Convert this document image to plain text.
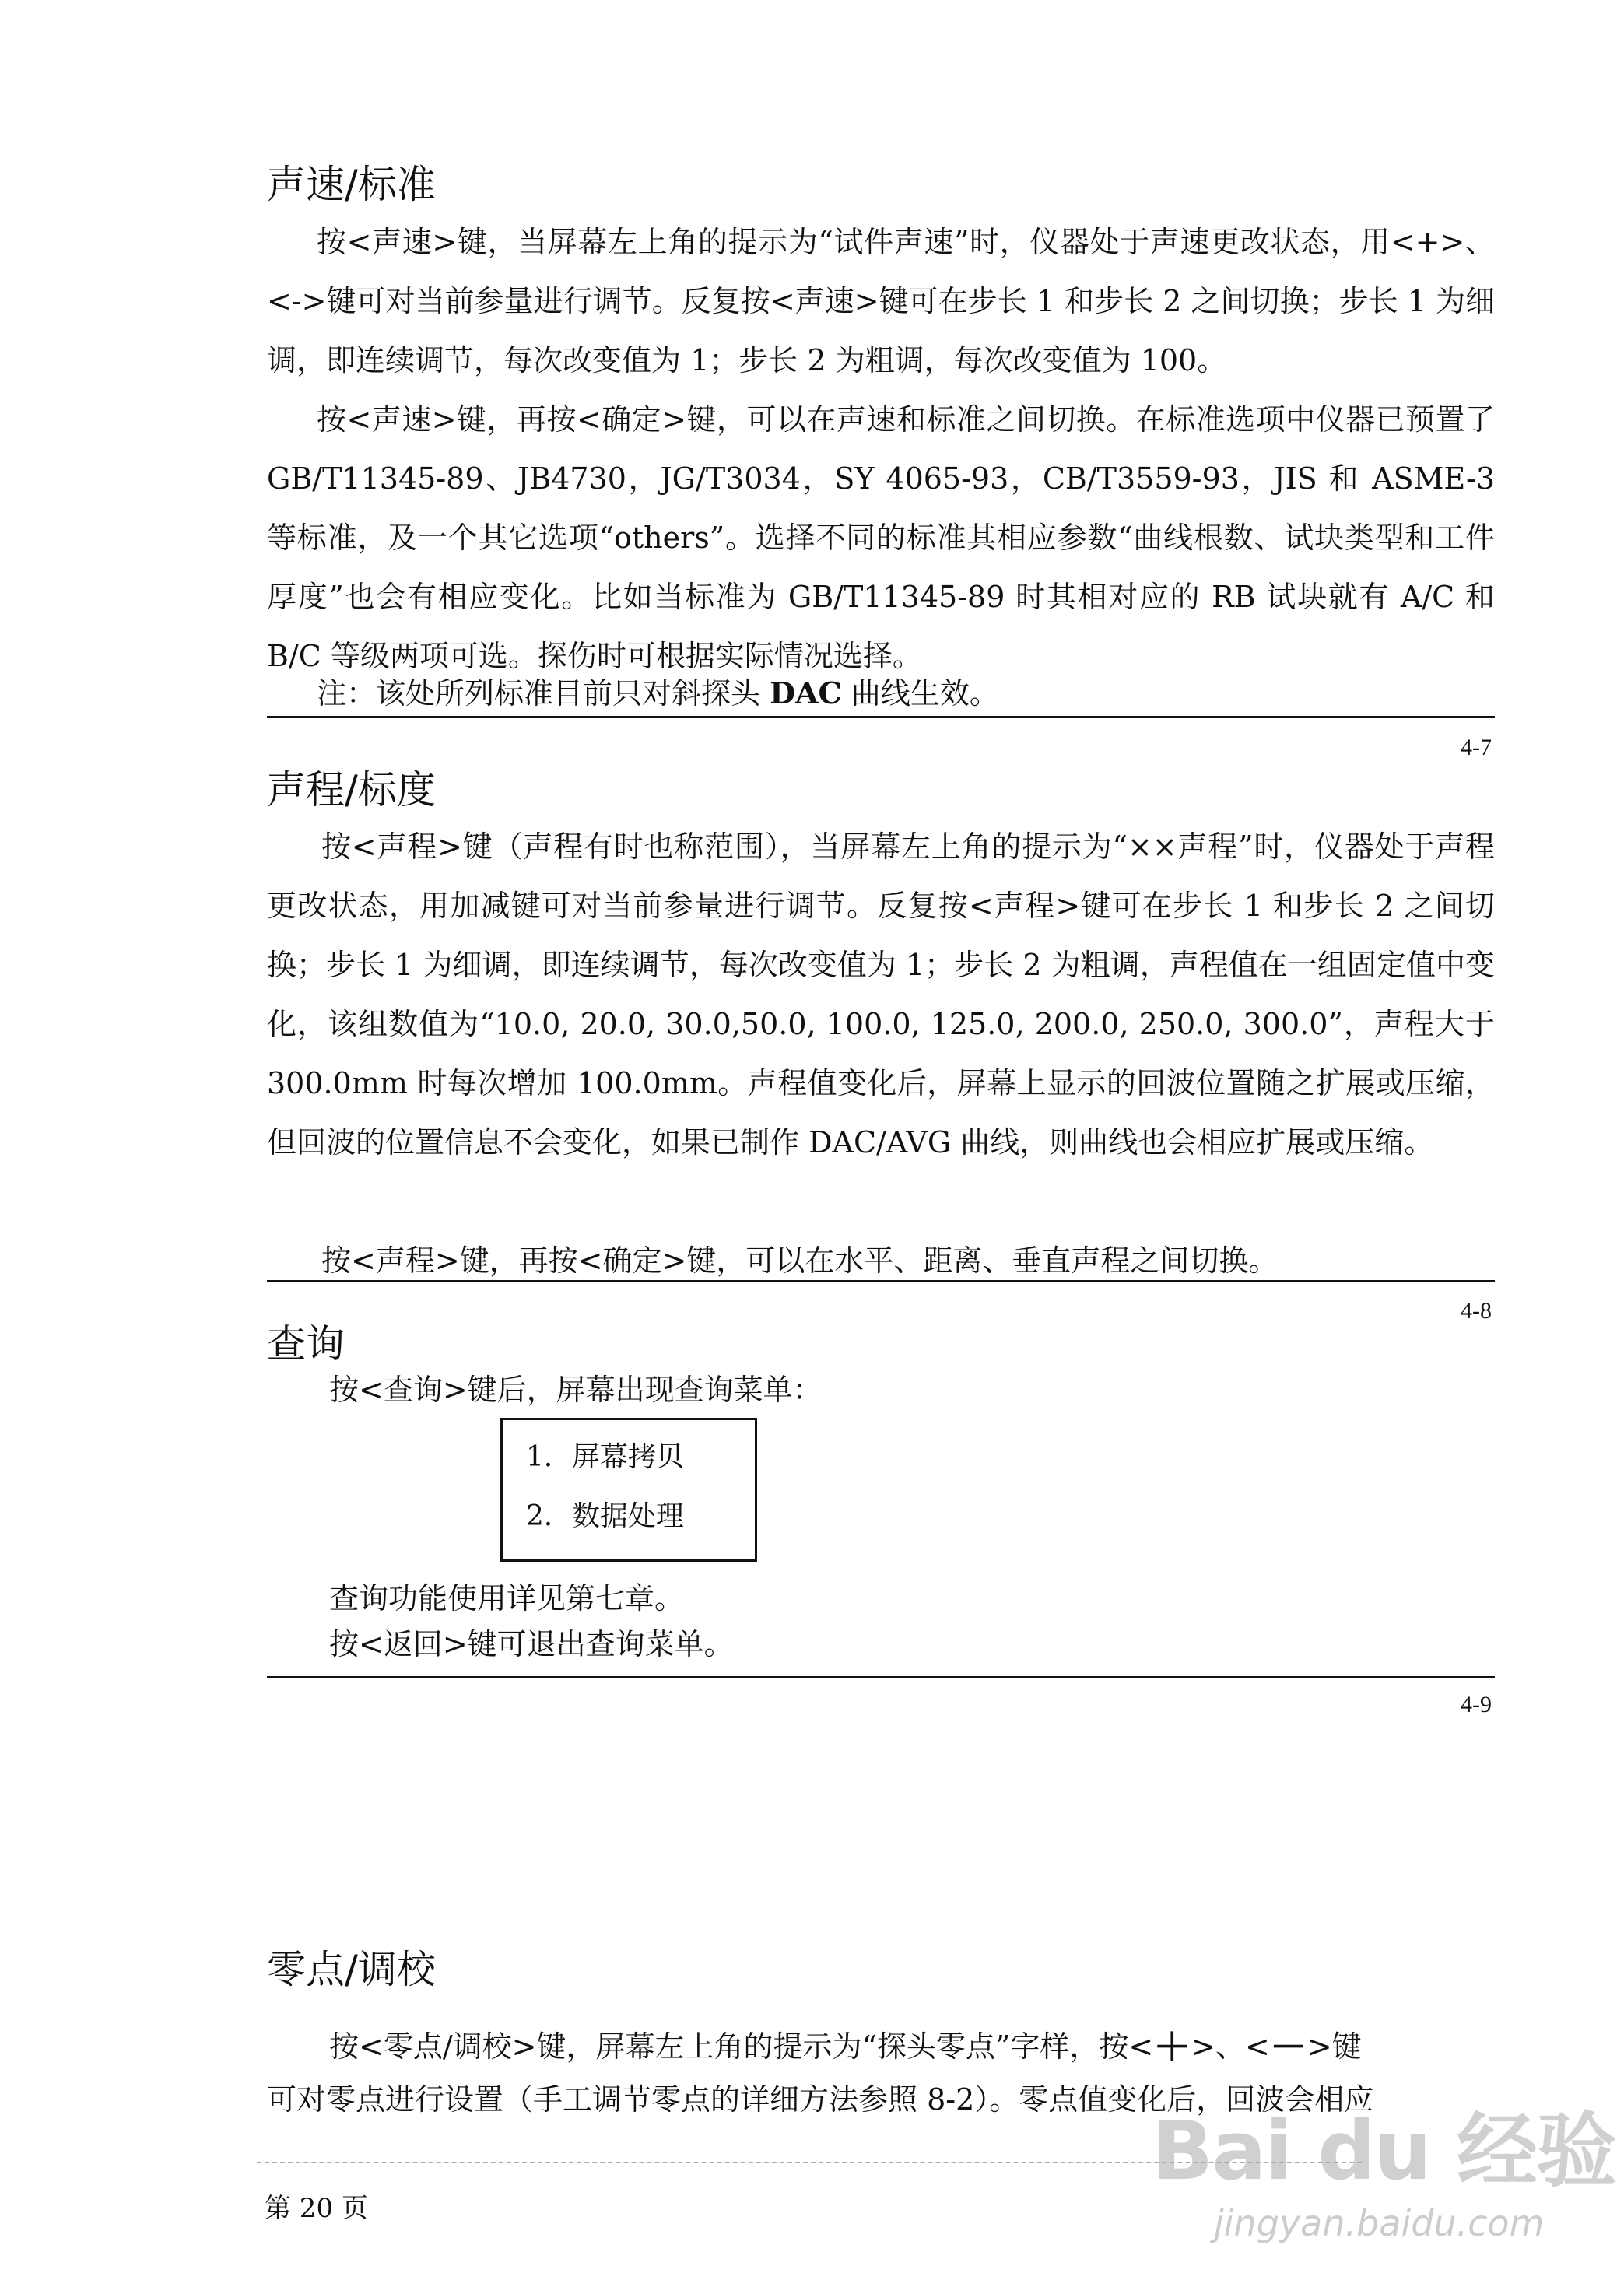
声速/标准

按<声速>键，当屏幕左上角的提示为“试件声速”时，仪器处于声速更改状态，用<+>、<->键可对当前参量进行调节。反复按<声速>键可在步长 1 和步长 2 之间切换；步长 1 为细调，即连续调节，每次改变值为 1；步长 2 为粗调，每次改变值为 100。

按<声速>键，再按<确定>键，可以在声速和标准之间切换。在标准选项中仪器已预置了 GB/T11345-89、JB4730，JG/T3034，SY 4065-93，CB/T3559-93，JIS 和 ASME-3 等标准，及一个其它选项“others”。选择不同的标准其相应参数“曲线根数、试块类型和工件厚度”也会有相应变化。比如当标准为 GB/T11345-89 时其相对应的 RB 试块就有 A/C 和 B/C 等级两项可选。探伤时可根据实际情况选择。

注：该处所列标准目前只对斜探头 DAC 曲线生效。

4-7
声程/标度

按<声程>键（声程有时也称范围），当屏幕左上角的提示为“××声程”时，仪器处于声程更改状态，用加减键可对当前参量进行调节。反复按<声程>键可在步长 1 和步长 2 之间切换；步长 1 为细调，即连续调节，每次改变值为 1；步长 2 为粗调，声程值在一组固定值中变化，该组数值为“10.0, 20.0, 30.0,50.0, 100.0, 125.0, 200.0, 250.0, 300.0”，声程大于 300.0mm 时每次增加 100.0mm。声程值变化后，屏幕上显示的回波位置随之扩展或压缩，但回波的位置信息不会变化，如果已制作 DAC/AVG 曲线，则曲线也会相应扩展或压缩。

按<声程>键，再按<确定>键，可以在水平、距离、垂直声程之间切换。

4-8
查询

按<查询>键后，屏幕出现查询菜单：

1．屏幕拷贝
2．数据处理

查询功能使用详见第七章。

按<返回>键可退出查询菜单。

4-9
零点/调校

按<零点/调校>键，屏幕左上角的提示为“探头零点”字样，按<＋>、<－>键

可对零点进行设置（手工调节零点的详细方法参照 8-2）。零点值变化后，回波会相应

第 20 页
Bai du 经验
jingyan.baidu.com
